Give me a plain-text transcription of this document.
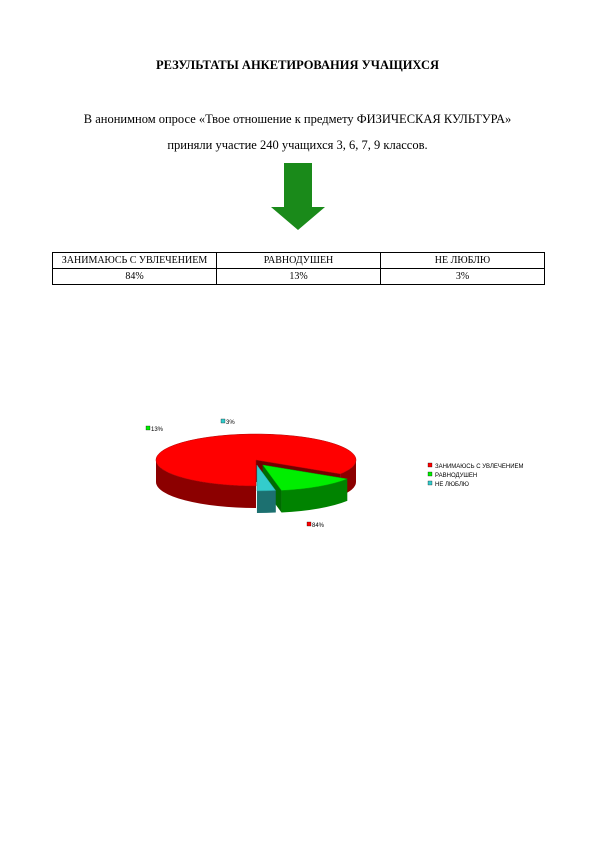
РЕЗУЛЬТАТЫ АНКЕТИРОВАНИЯ УЧАЩИХСЯ
В анонимном опросе «Твое отношение к предмету ФИЗИЧЕСКАЯ КУЛЬТУРА»
приняли участие 240 учащихся 3, 6, 7, 9 классов.
ЗАНИМАЮСЬ С УВЛЕЧЕНИЕМ	РАВНОДУШЕН	НЕ ЛЮБЛЮ
84%	13%	3%
84%
13%
3%
ЗАНИМАЮСЬ С УВЛЕЧЕНИЕМ
РАВНОДУШЕН
НЕ ЛЮБЛЮ
